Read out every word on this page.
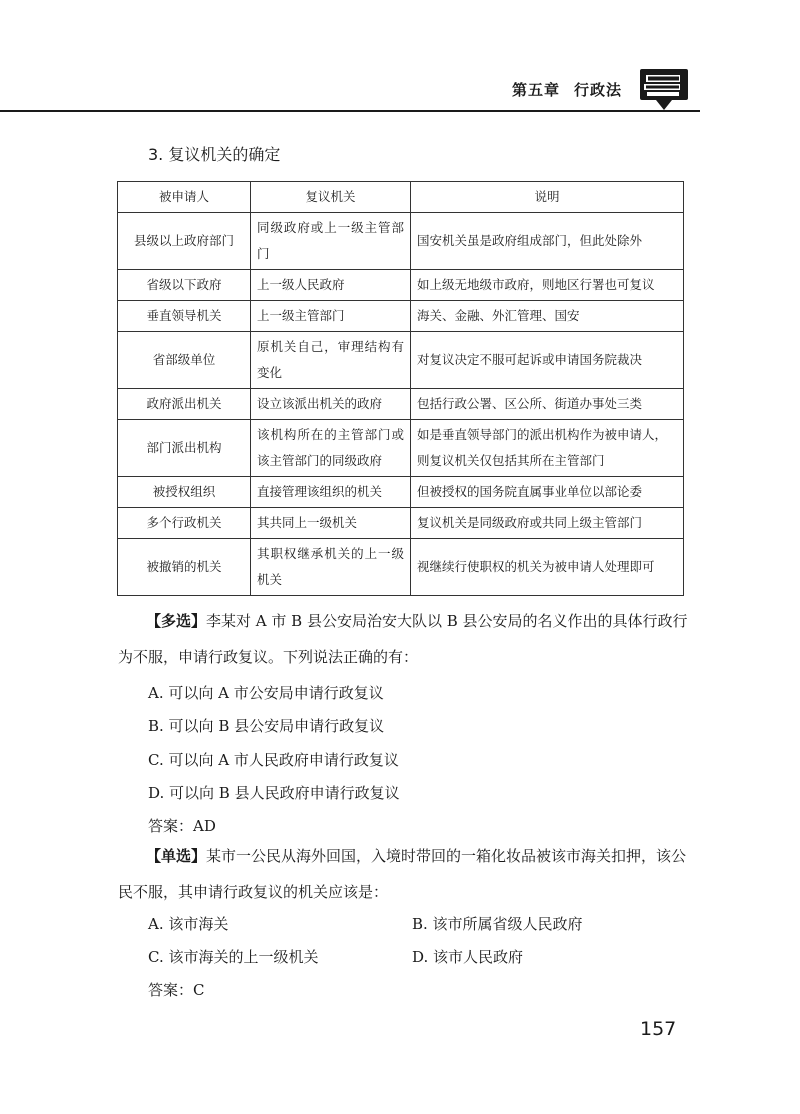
第五章 行政法
3. 复议机关的确定
被申请人	复议机关	说明
县级以上政府部门	同级政府或上一级主管部门	国安机关虽是政府组成部门，但此处除外
省级以下政府	上一级人民政府	如上级无地级市政府，则地区行署也可复议
垂直领导机关	上一级主管部门	海关、金融、外汇管理、国安
省部级单位	原机关自己，审理结构有变化	对复议决定不服可起诉或申请国务院裁决
政府派出机关	设立该派出机关的政府	包括行政公署、区公所、街道办事处三类
部门派出机构	该机构所在的主管部门或该主管部门的同级政府	如是垂直领导部门的派出机构作为被申请人，则复议机关仅包括其所在主管部门
被授权组织	直接管理该组织的机关	但被授权的国务院直属事业单位以部论委
多个行政机关	其共同上一级机关	复议机关是同级政府或共同上级主管部门
被撤销的机关	其职权继承机关的上一级机关	视继续行使职权的机关为被申请人处理即可
【多选】李某对 A 市 B 县公安局治安大队以 B 县公安局的名义作出的具体行政行为不服，申请行政复议。下列说法正确的有：
A. 可以向 A 市公安局申请行政复议
B. 可以向 B 县公安局申请行政复议
C. 可以向 A 市人民政府申请行政复议
D. 可以向 B 县人民政府申请行政复议
答案：AD
【单选】某市一公民从海外回国，入境时带回的一箱化妆品被该市海关扣押，该公民不服，其申请行政复议的机关应该是：
A. 该市海关	B. 该市所属省级人民政府
C. 该市海关的上一级机关	D. 该市人民政府
答案：C
157
